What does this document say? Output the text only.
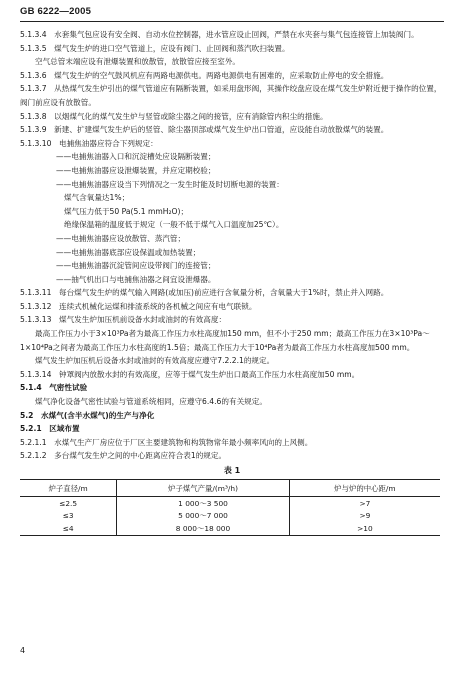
GB 6222—2005

5.1.3.4  水套集气包应设有安全阀、自动水位控制器，进水管应设止回阀，严禁在水夹套与集气包连接管上加装阀门。

5.1.3.5  煤气发生炉的进口空气管道上，应设有阀门、止回阀和蒸汽吹扫装置。

空气总管末端应设有泄爆装置和放散管，放散管应接至室外。

5.1.3.6  煤气发生炉的空气鼓风机应有两路电源供电。两路电源供电有困难的，应采取防止停电的安全措施。

5.1.3.7  从热煤气发生炉引出的煤气管道应有隔断装置，如采用盘形阀，其操作绞盘应设在煤气发生炉附近便于操作的位置，阀门前应设有放散管。

5.1.3.8  以烟煤气化的煤气发生炉与竖管或除尘器之间的接管，应有消除管内积尘的措施。

5.1.3.9  新建、扩建煤气发生炉后的竖管、除尘器顶部或煤气发生炉出口管道，应设能自动放散煤气的装置。

5.1.3.10  电捕焦油器应符合下列规定：

——电捕焦油器入口和沉淀槽处应设隔断装置；

——电捕焦油器应设泄爆装置，并应定期校验；

——电捕焦油器应设当下列情况之一发生时能及时切断电源的装置：

煤气含氧量达1%；

煤气压力低于50 Pa(5.1 mmH₂O)；

绝缘保温箱的温度低于规定（一般不低于煤气入口温度加25℃）。

——电捕焦油器应设放散管、蒸汽管；

——电捕焦油器底部应设保温或加热装置；

——电捕焦油器沉淀管间应设带阀门的连接管；

——抽气机出口与电捕焦油器之间宜设泄爆器。

5.1.3.11  每台煤气发生炉的煤气输入网路(或加压)前应进行含氧量分析，含氧量大于1%时，禁止并入网路。

5.1.3.12  连续式机械化运煤和排渣系统的各机械之间应有电气联锁。

5.1.3.13  煤气发生炉加压机前设备水封或油封的有效高度：

最高工作压力小于3×10³Pa者为最高工作压力水柱高度加150 mm，但不小于250 mm；最高工作压力在3×10³Pa～1×10⁴Pa之间者为最高工作压力水柱高度的1.5倍；最高工作压力大于10⁴Pa者为最高工作压力水柱高度加500 mm。

煤气发生炉加压机后设备水封或油封的有效高度应遵守7.2.2.1的规定。

5.1.3.14  钟罩阀内放散水封的有效高度，应等于煤气发生炉出口最高工作压力水柱高度加50 mm。

5.1.4  气密性试验

煤气净化设备气密性试验与管道系统相同，应遵守6.4.6的有关规定。

5.2  水煤气(含半水煤气)的生产与净化

5.2.1  区域布置

5.2.1.1  水煤气生产厂房应位于厂区主要建筑物和构筑物常年最小频率风向的上风侧。

5.2.1.2  多台煤气发生炉之间的中心距离应符合表1的规定。

表 1
炉子直径/m	炉子煤气产量/(m³/h)	炉与炉的中心距/m
≤2.5	1 000～3 500	>7
≤3	5 000～7 000	>9
≤4	8 000～18 000	>10
4
